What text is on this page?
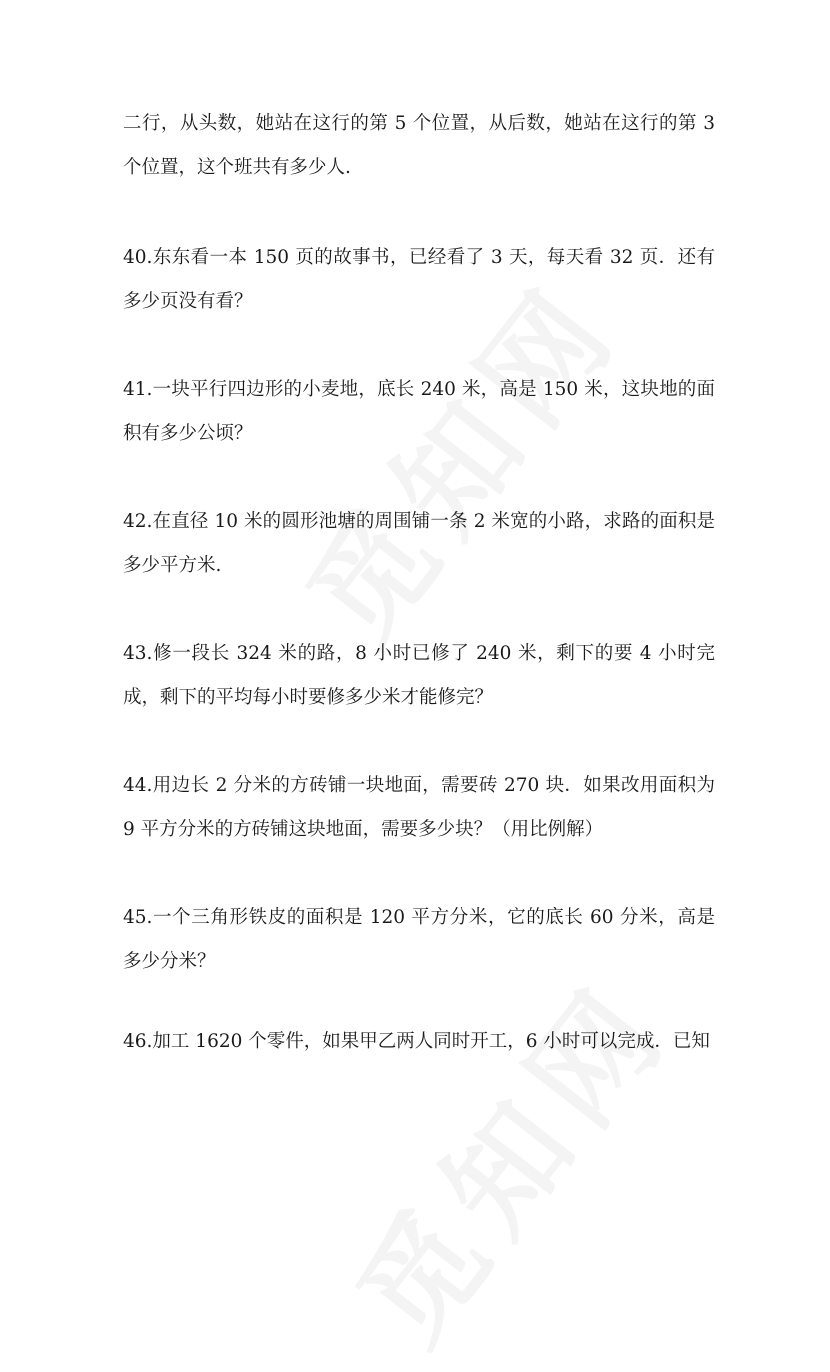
二行，从头数，她站在这行的第 5 个位置，从后数，她站在这行的第 3 个位置，这个班共有多少人.

40.东东看一本 150 页的故事书，已经看了 3 天，每天看 32 页．还有多少页没有看？

41.一块平行四边形的小麦地，底长 240 米，高是 150 米，这块地的面积有多少公顷？

42.在直径 10 米的圆形池塘的周围铺一条 2 米宽的小路，求路的面积是多少平方米.

43.修一段长 324 米的路，8 小时已修了 240 米，剩下的要 4 小时完成，剩下的平均每小时要修多少米才能修完？

44.用边长 2 分米的方砖铺一块地面，需要砖 270 块．如果改用面积为 9 平方分米的方砖铺这块地面，需要多少块？（用比例解）

45.一个三角形铁皮的面积是 120 平方分米，它的底长 60 分米，高是多少分米？

46.加工 1620 个零件，如果甲乙两人同时开工，6 小时可以完成．已知
